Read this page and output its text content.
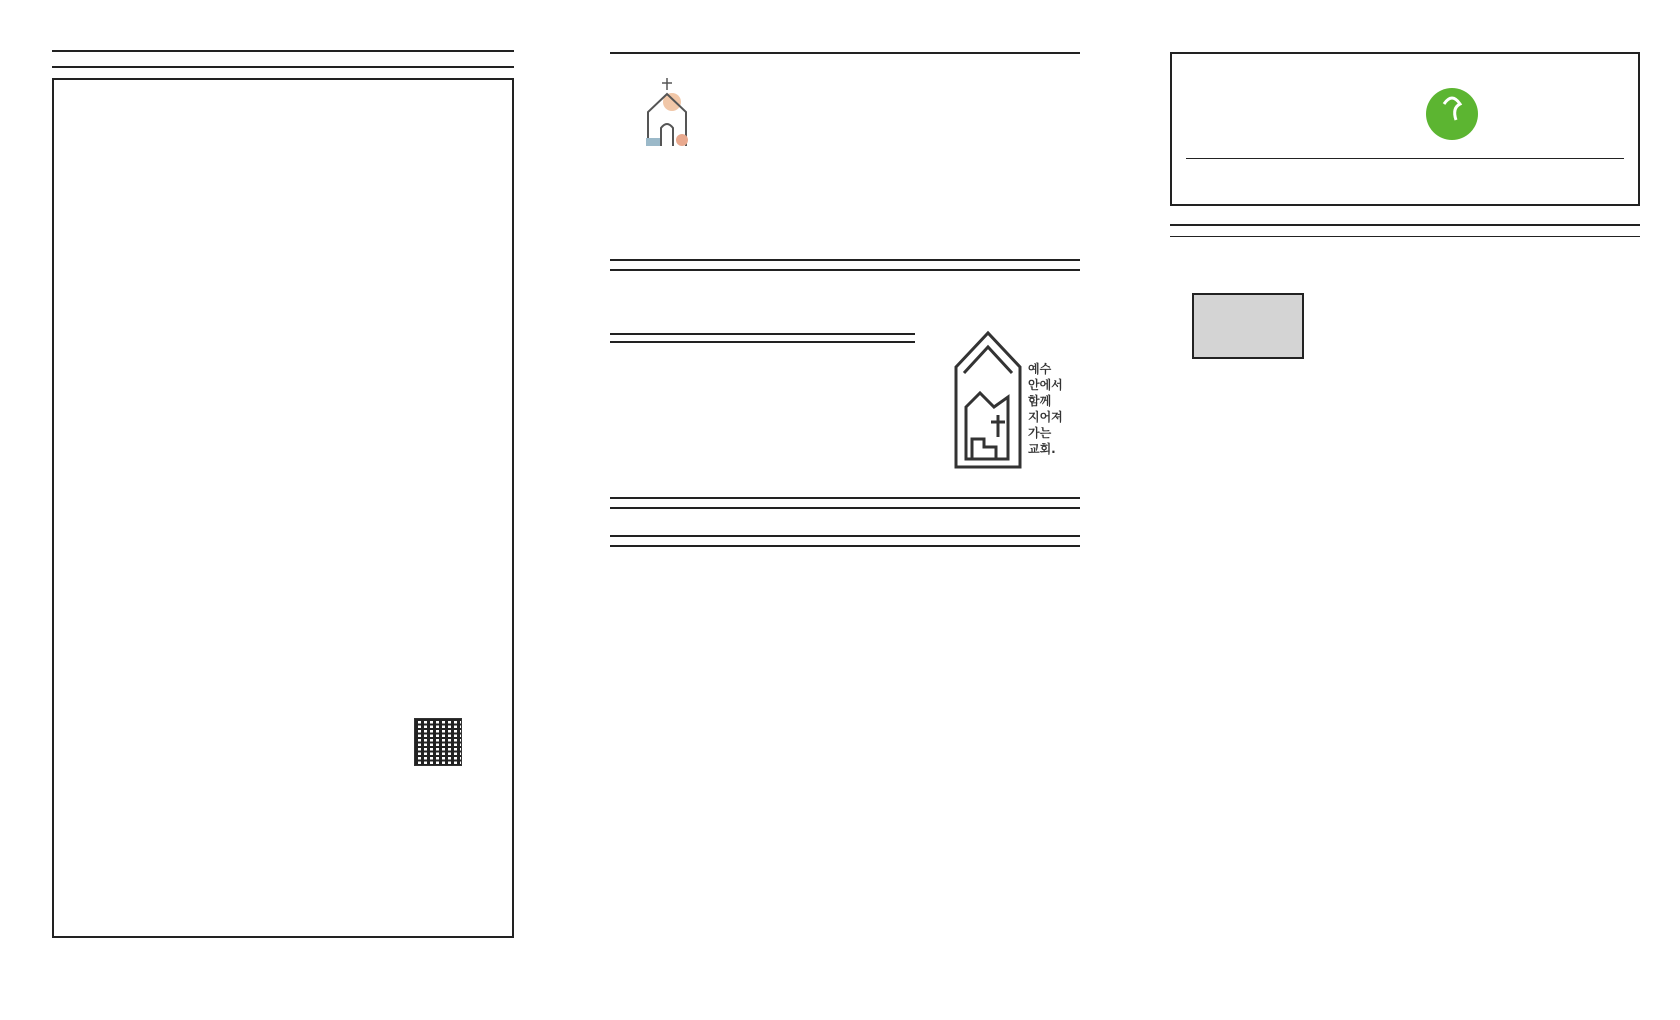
예수
안에서
함께
지어져
가는
교회.
